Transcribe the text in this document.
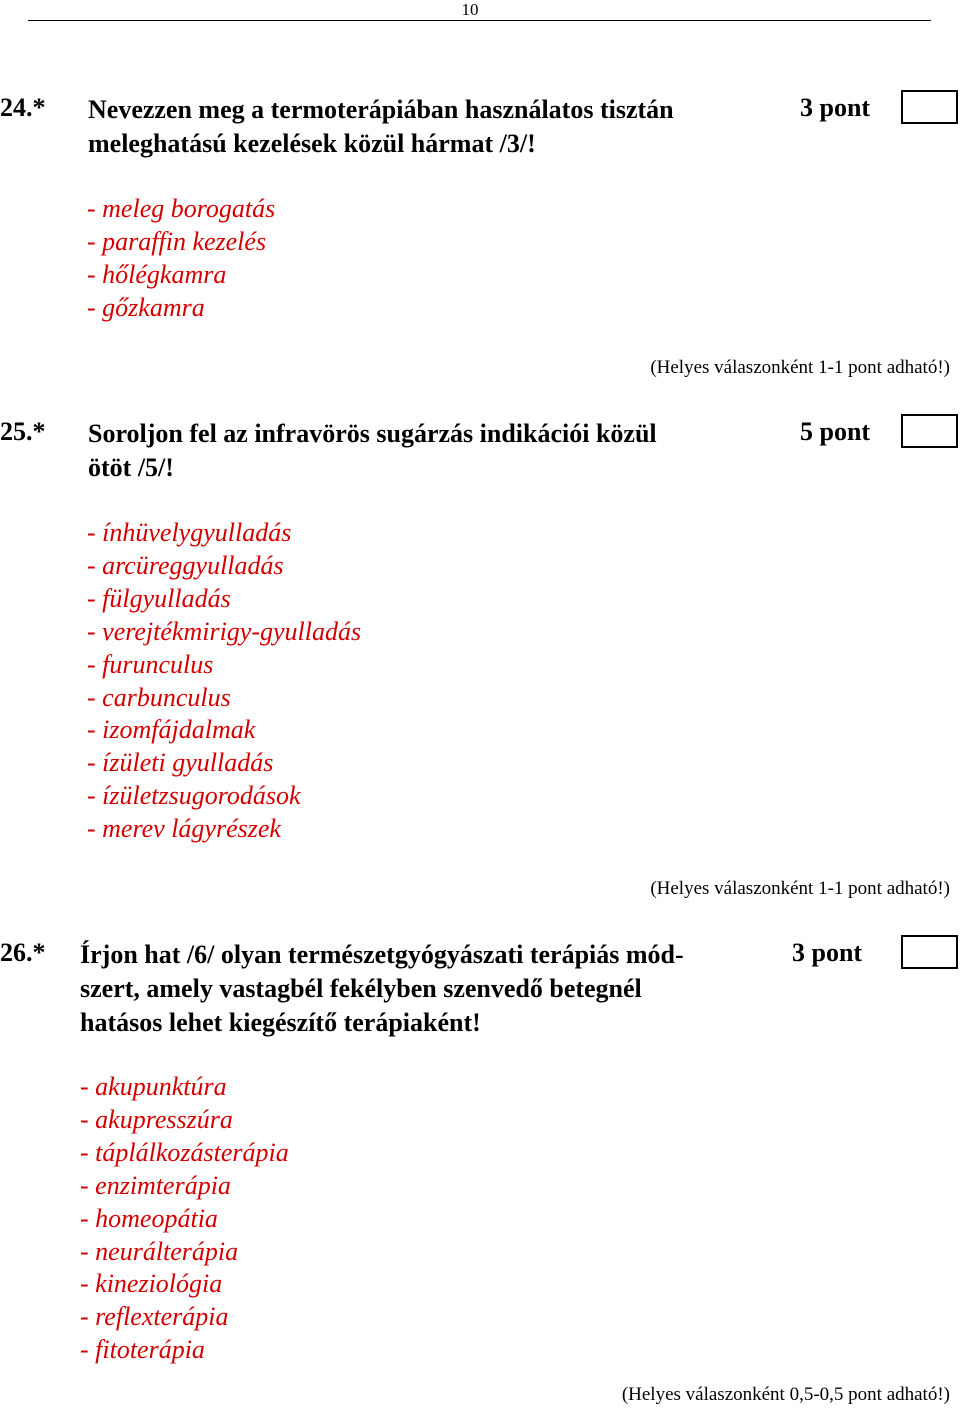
10
24.* Nevezzen meg a termoterápiában használatos tisztán
meleghatású kezelések közül hármat /3/!
3 pont
- meleg borogatás
- paraffin kezelés
- hőlégkamra
- gőzkamra
(Helyes válaszonként 1-1 pont adható!)
25.* Soroljon fel az infravörös sugárzás indikációi közül
ötöt /5/!
5 pont
- ínhüvelygyulladás
- arcüreggyulladás
- fülgyulladás
- verejtékmirigy-gyulladás
- furunculus
- carbunculus
- izomfájdalmak
- ízületi gyulladás
- ízületzsugorodások
- merev lágyrészek
(Helyes válaszonként 1-1 pont adható!)
26.* Írjon hat /6/ olyan természetgyógyászati terápiás mód-
szert, amely vastagbél fekélyben szenvedő betegnél
hatásos lehet kiegészítő terápiaként!
3 pont
- akupunktúra
- akupresszúra
- táplálkozásterápia
- enzimterápia
- homeopátia
- neurálterápia
- kineziológia
- reflexterápia
- fitoterápia
(Helyes válaszonként 0,5-0,5 pont adható!)
